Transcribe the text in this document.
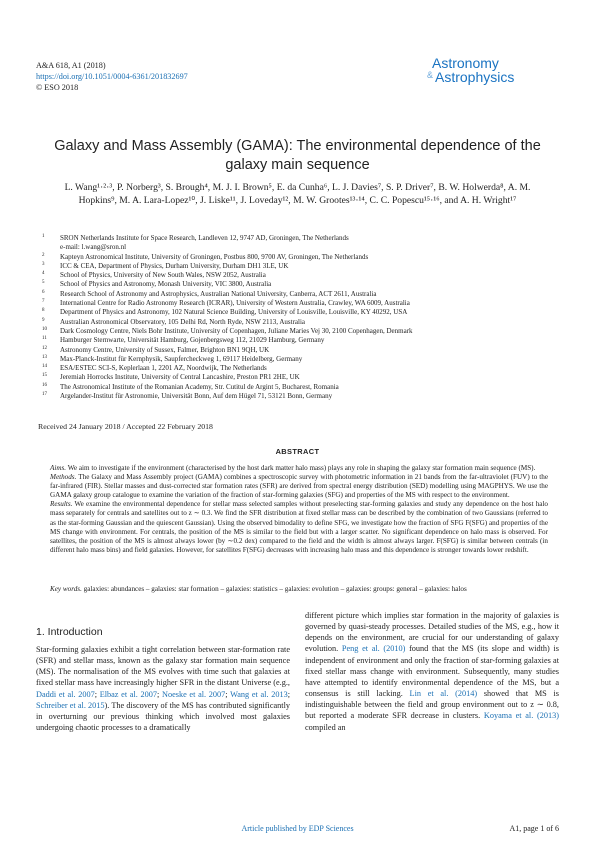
A&A 618, A1 (2018)
https://doi.org/10.1051/0004-6361/201832697
© ESO 2018
Astronomy
& Astrophysics
Galaxy and Mass Assembly (GAMA): The environmental dependence of the galaxy main sequence
L. Wang¹·²·³, P. Norberg³, S. Brough⁴, M. J. I. Brown⁵, E. da Cunha⁶, L. J. Davies⁷, S. P. Driver⁷, B. W. Holwerda⁸, A. M. Hopkins⁹, M. A. Lara-Lopez¹⁰, J. Liske¹¹, J. Loveday¹², M. W. Grootes¹³·¹⁴, C. C. Popescu¹⁵·¹⁶, and A. H. Wright¹⁷
1 SRON Netherlands Institute for Space Research, Landleven 12, 9747 AD, Groningen, The Netherlands
e-mail: l.wang@sron.nl
2 Kapteyn Astronomical Institute, University of Groningen, Postbus 800, 9700 AV, Groningen, The Netherlands
3 ICC & CEA, Department of Physics, Durham University, Durham DH1 3LE, UK
4 School of Physics, University of New South Wales, NSW 2052, Australia
5 School of Physics and Astronomy, Monash University, VIC 3800, Australia
6 Research School of Astronomy and Astrophysics, Australian National University, Canberra, ACT 2611, Australia
7 International Centre for Radio Astronomy Research (ICRAR), University of Western Australia, Crawley, WA 6009, Australia
8 Department of Physics and Astronomy, 102 Natural Science Building, University of Louisville, Louisville, KY 40292, USA
9 Australian Astronomical Observatory, 105 Delhi Rd, North Ryde, NSW 2113, Australia
10 Dark Cosmology Centre, Niels Bohr Institute, University of Copenhagen, Juliane Maries Vej 30, 2100 Copenhagen, Denmark
11 Hamburger Sternwarte, Universität Hamburg, Gojenbergsweg 112, 21029 Hamburg, Germany
12 Astronomy Centre, University of Sussex, Falmer, Brighton BN1 9QH, UK
13 Max-Planck-Institut für Kernphysik, Saupfercheckweg 1, 69117 Heidelberg, Germany
14 ESA/ESTEC SCI-S, Keplerlaan 1, 2201 AZ, Noordwijk, The Netherlands
15 Jeremiah Horrocks Institute, University of Central Lancashire, Preston PR1 2HE, UK
16 The Astronomical Institute of the Romanian Academy, Str. Cutitul de Argint 5, Bucharest, Romania
17 Argelander-Institut für Astronomie, Universität Bonn, Auf dem Hügel 71, 53121 Bonn, Germany
Received 24 January 2018 / Accepted 22 February 2018
ABSTRACT

Aims. We aim to investigate if the environment (characterised by the host dark matter halo mass) plays any role in shaping the galaxy star formation main sequence (MS).

Methods. The Galaxy and Mass Assembly project (GAMA) combines a spectroscopic survey with photometric information in 21 bands from the far-ultraviolet (FUV) to the far-infrared (FIR). Stellar masses and dust-corrected star formation rates (SFR) are derived from spectral energy distribution (SED) modelling using MAGPHYS. We use the GAMA galaxy group catalogue to examine the variation of the fraction of star-forming galaxies (SFG) and properties of the MS with respect to the environment.

Results. We examine the environmental dependence for stellar mass selected samples without preselecting star-forming galaxies and study any dependence on the host halo mass separately for centrals and satellites out to z ∼ 0.3. We find the SFR distribution at fixed stellar mass can be described by the combination of two Gaussians (referred to as the star-forming Gaussian and the quiescent Gaussian). Using the observed bimodality to define SFG, we investigate how the fraction of SFG F(SFG) and properties of the MS change with environment. For centrals, the position of the MS is similar to the field but with a larger scatter. No significant dependence on halo mass is observed. For satellites, the position of the MS is almost always lower (by ∼0.2 dex) compared to the field and the width is almost always larger. F(SFG) is similar between centrals (in different halo mass bins) and field galaxies. However, for satellites F(SFG) decreases with increasing halo mass and this dependence is stronger towards lower redshift.

Key words. galaxies: abundances – galaxies: star formation – galaxies: statistics – galaxies: evolution – galaxies: groups: general – galaxies: halos
1. Introduction

Star-forming galaxies exhibit a tight correlation between star-formation rate (SFR) and stellar mass, known as the galaxy star formation main sequence (MS). The normalisation of the MS evolves with time such that galaxies at fixed stellar mass have increasingly higher SFR in the distant Universe (e.g., Daddi et al. 2007; Elbaz et al. 2007; Noeske et al. 2007; Wang et al. 2013; Schreiber et al. 2015). The discovery of the MS has contributed significantly in overturning our previous thinking which involved most galaxies undergoing chaotic processes to a dramatically

different picture which implies star formation in the majority of galaxies is governed by quasi-steady processes. Detailed studies of the MS, e.g., how it depends on the environment, are crucial for our understanding of galaxy evolution. Peng et al. (2010) found that the MS (its slope and width) is independent of environment and only the fraction of star-forming galaxies at fixed stellar mass change with environment. Subsequently, many studies have attempted to identify environmental dependence of the MS, but a consensus is still lacking. Lin et al. (2014) showed that MS is indistinguishable between the field and group environment out to z ∼ 0.8, but reported a moderate SFR decrease in clusters. Koyama et al. (2013) compiled an

Article published by EDP Sciences	A1, page 1 of 6
